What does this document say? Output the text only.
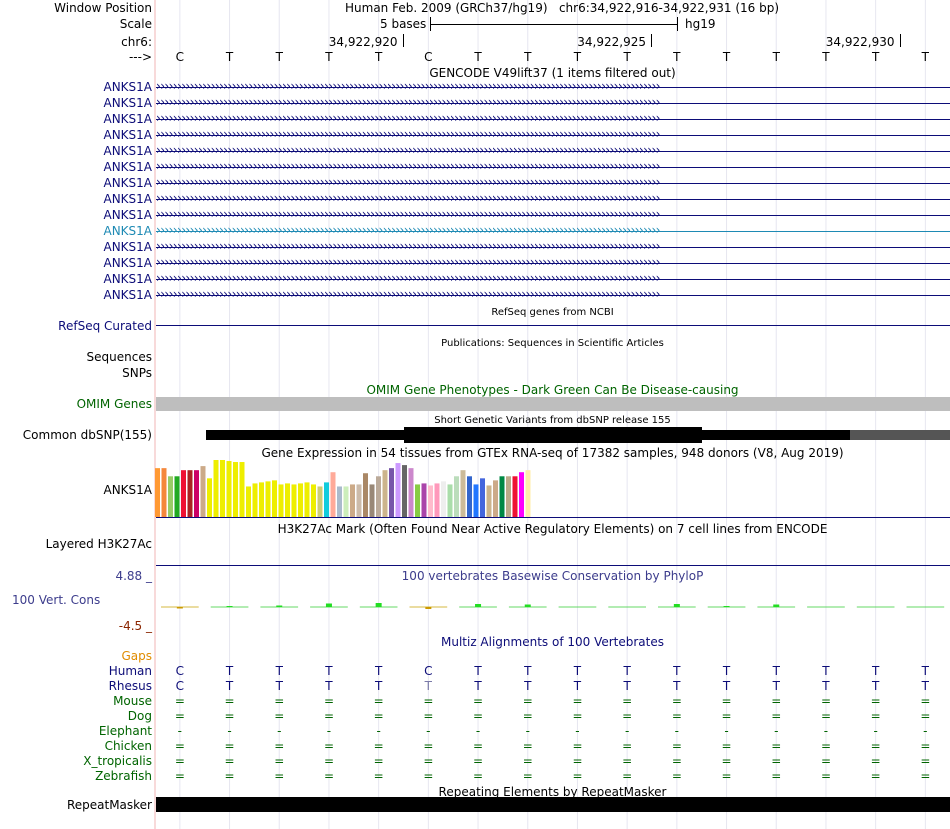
Window Position	Human Feb. 2009 (GRCh37/hg19)   chr6:34,922,916-34,922,931 (16 bp)
Scale	5 bases	hg19
chr6:	34,922,920	34,922,925	34,922,930
---> C	T	T	T	T	C	T	T	T	T	T	T	T	T	T	T
GENCODE V49lift37 (1 items filtered out)
ANKS1A ››››››››››››››››››››››››››››››››››››››››››››››››››››››››››››››››››››››››››››››››››››››››››››››››››››››››››››››››››››››››
ANKS1A ››››››››››››››››››››››››››››››››››››››››››››››››››››››››››››››››››››››››››››››››››››››››››››››››››››››››››››››››››››››››
ANKS1A ››››››››››››››››››››››››››››››››››››››››››››››››››››››››››››››››››››››››››››››››››››››››››››››››››››››››››››››››››››››››
ANKS1A ››››››››››››››››››››››››››››››››››››››››››››››››››››››››››››››››››››››››››››››››››››››››››››››››››››››››››››››››››››››››
ANKS1A ››››››››››››››››››››››››››››››››››››››››››››››››››››››››››››››››››››››››››››››››››››››››››››››››››››››››››››››››››››››››
ANKS1A ››››››››››››››››››››››››››››››››››››››››››››››››››››››››››››››››››››››››››››››››››››››››››››››››››››››››››››››››››››››››
ANKS1A ››››››››››››››››››››››››››››››››››››››››››››››››››››››››››››››››››››››››››››››››››››››››››››››››››››››››››››››››››››››››
ANKS1A ››››››››››››››››››››››››››››››››››››››››››››››››››››››››››››››››››››››››››››››››››››››››››››››››››››››››››››››››››››››››
ANKS1A ››››››››››››››››››››››››››››››››››››››››››››››››››››››››››››››››››››››››››››››››››››››››››››››››››››››››››››››››››››››››
ANKS1A ››››››››››››››››››››››››››››››››››››››››››››››››››››››››››››››››››››››››››››››››››››››››››››››››››››››››››››››››››››››››
ANKS1A ››››››››››››››››››››››››››››››››››››››››››››››››››››››››››››››››››››››››››››››››››››››››››››››››››››››››››››››››››››››››
ANKS1A ››››››››››››››››››››››››››››››››››››››››››››››››››››››››››››››››››››››››››››››››››››››››››››››››››››››››››››››››››››››››
ANKS1A ››››››››››››››››››››››››››››››››››››››››››››››››››››››››››››››››››››››››››››››››››››››››››››››››››››››››››››››››››››››››
ANKS1A ››››››››››››››››››››››››››››››››››››››››››››››››››››››››››››››››››››››››››››››››››››››››››››››››››››››››››››››››››››››››
RefSeq genes from NCBI
RefSeq Curated
Publications: Sequences in Scientific Articles
Sequences
SNPs
OMIM Gene Phenotypes - Dark Green Can Be Disease-causing
OMIM Genes
Short Genetic Variants from dbSNP release 155
Common dbSNP(155)
Gene Expression in 54 tissues from GTEx RNA-seq of 17382 samples, 948 donors (V8, Aug 2019)
ANKS1A
H3K27Ac Mark (Often Found Near Active Regulatory Elements) on 7 cell lines from ENCODE
Layered H3K27Ac
4.88 _	100 vertebrates Basewise Conservation by PhyloP
100 Vert. Cons
-4.5 _
Multiz Alignments of 100 Vertebrates
Gaps
Human C	T	T	T	T	C	T	T	T	T	T	T	T	T	T	T
Rhesus C	T	T	T	T	T	T	T	T	T	T	T	T	T	T	T
Mouse =	=	=	=	=	=	=	=	=	=	=	=	=	=	=	=
Dog =	=	=	=	=	=	=	=	=	=	=	=	=	=	=	=
Elephant -	-	-	-	-	-	-	-	-	-	-	-	-	-	-	-
Chicken =	=	=	=	=	=	=	=	=	=	=	=	=	=	=	=
X_tropicalis =	=	=	=	=	=	=	=	=	=	=	=	=	=	=	=
Zebrafish =	=	=	=	=	=	=	=	=	=	=	=	=	=	=	=
Repeating Elements by RepeatMasker
RepeatMasker
